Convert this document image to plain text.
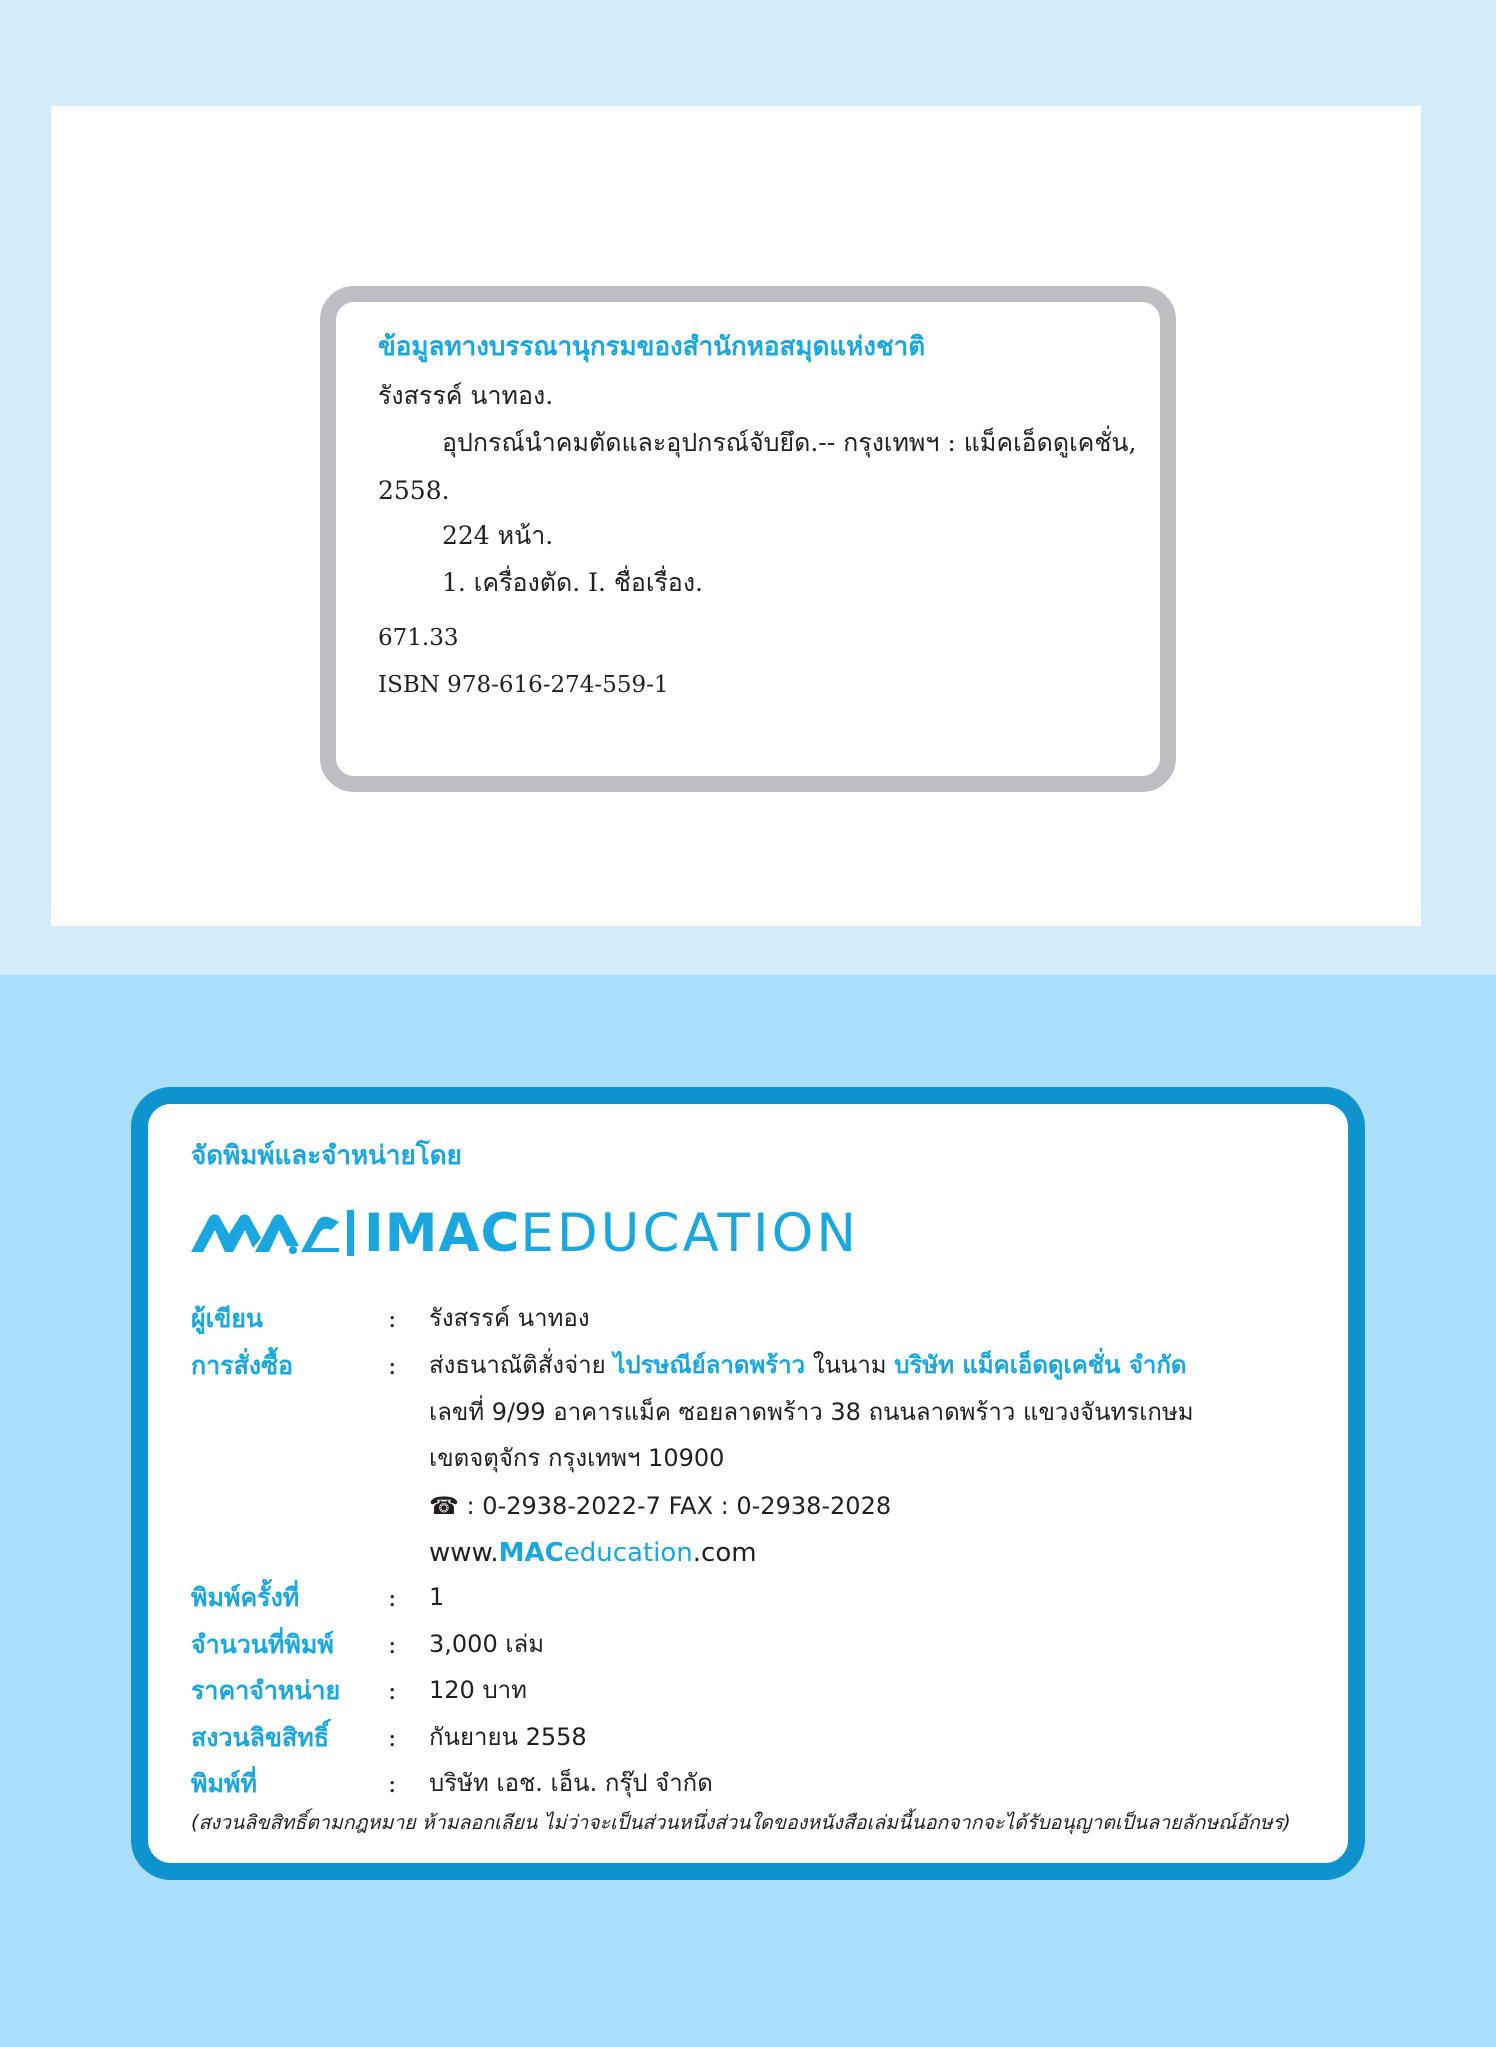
ข้อมูลทางบรรณานุกรมของสำนักหอสมุดแห่งชาติ
รังสรรค์ นาทอง.
อุปกรณ์นำคมตัดและอุปกรณ์จับยึด.-- กรุงเทพฯ : แม็คเอ็ดดูเคชั่น,
2558.
224 หน้า.
1. เครื่องตัด. I. ชื่อเรื่อง.
671.33
ISBN 978-616-274-559-1
จัดพิมพ์และจำหน่ายโดย
IMACEDUCATION
ผู้เขียน	: รังสรรค์ นาทอง
การสั่งซื้อ	: ส่งธนาณัติสั่งจ่าย ไปรษณีย์ลาดพร้าว ในนาม บริษัท แม็คเอ็ดดูเคชั่น จำกัด
เลขที่ 9/99 อาคารแม็ค ซอยลาดพร้าว 38 ถนนลาดพร้าว แขวงจันทรเกษม
เขตจตุจักร กรุงเทพฯ 10900
☎ : 0-2938-2022-7 FAX : 0-2938-2028
www.MACeducation.com
พิมพ์ครั้งที่	: 1
จำนวนที่พิมพ์ : 3,000 เล่ม
ราคาจำหน่าย : 120 บาท
สงวนลิขสิทธิ์ : กันยายน 2558
พิมพ์ที่	: บริษัท เอช. เอ็น. กรุ๊ป จำกัด
(สงวนลิขสิทธิ์ตามกฎหมาย ห้ามลอกเลียน ไม่ว่าจะเป็นส่วนหนึ่งส่วนใดของหนังสือเล่มนี้นอกจากจะได้รับอนุญาตเป็นลายลักษณ์อักษร)
